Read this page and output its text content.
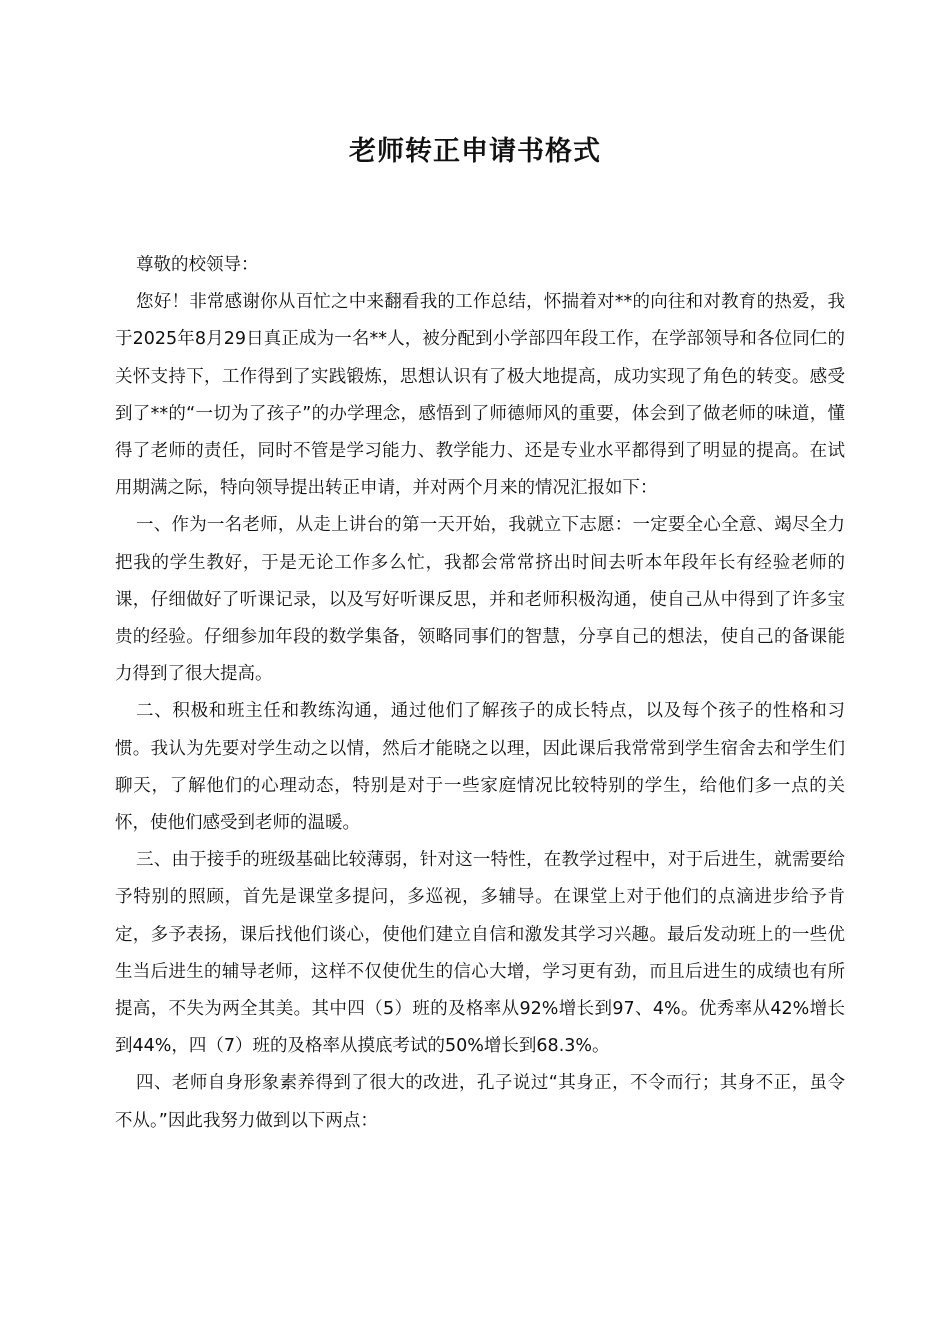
老师转正申请书格式

尊敬的校领导：

您好！非常感谢你从百忙之中来翻看我的工作总结，怀揣着对**的向往和对教育的热爱，我于2025年8月29日真正成为一名**人，被分配到小学部四年段工作，在学部领导和各位同仁的关怀支持下，工作得到了实践锻炼，思想认识有了极大地提高，成功实现了角色的转变。感受到了**的“一切为了孩子”的办学理念，感悟到了师德师风的重要，体会到了做老师的味道，懂得了老师的责任，同时不管是学习能力、教学能力、还是专业水平都得到了明显的提高。在试用期满之际，特向领导提出转正申请，并对两个月来的情况汇报如下：

一、作为一名老师，从走上讲台的第一天开始，我就立下志愿：一定要全心全意、竭尽全力把我的学生教好，于是无论工作多么忙，我都会常常挤出时间去听本年段年长有经验老师的课，仔细做好了听课记录，以及写好听课反思，并和老师积极沟通，使自己从中得到了许多宝贵的经验。仔细参加年段的数学集备，领略同事们的智慧，分享自己的想法，使自己的备课能力得到了很大提高。

二、积极和班主任和教练沟通，通过他们了解孩子的成长特点，以及每个孩子的性格和习惯。我认为先要对学生动之以情，然后才能晓之以理，因此课后我常常到学生宿舍去和学生们聊天，了解他们的心理动态，特别是对于一些家庭情况比较特别的学生，给他们多一点的关怀，使他们感受到老师的温暖。

三、由于接手的班级基础比较薄弱，针对这一特性，在教学过程中，对于后进生，就需要给予特别的照顾，首先是课堂多提问，多巡视，多辅导。在课堂上对于他们的点滴进步给予肯定，多予表扬，课后找他们谈心，使他们建立自信和激发其学习兴趣。最后发动班上的一些优生当后进生的辅导老师，这样不仅使优生的信心大增，学习更有劲，而且后进生的成绩也有所提高，不失为两全其美。其中四（5）班的及格率从92%增长到97、4%。优秀率从42%增长到44%，四（7）班的及格率从摸底考试的50%增长到68.3%。

四、老师自身形象素养得到了很大的改进，孔子说过“其身正，不令而行；其身不正，虽令不从。”因此我努力做到以下两点：
